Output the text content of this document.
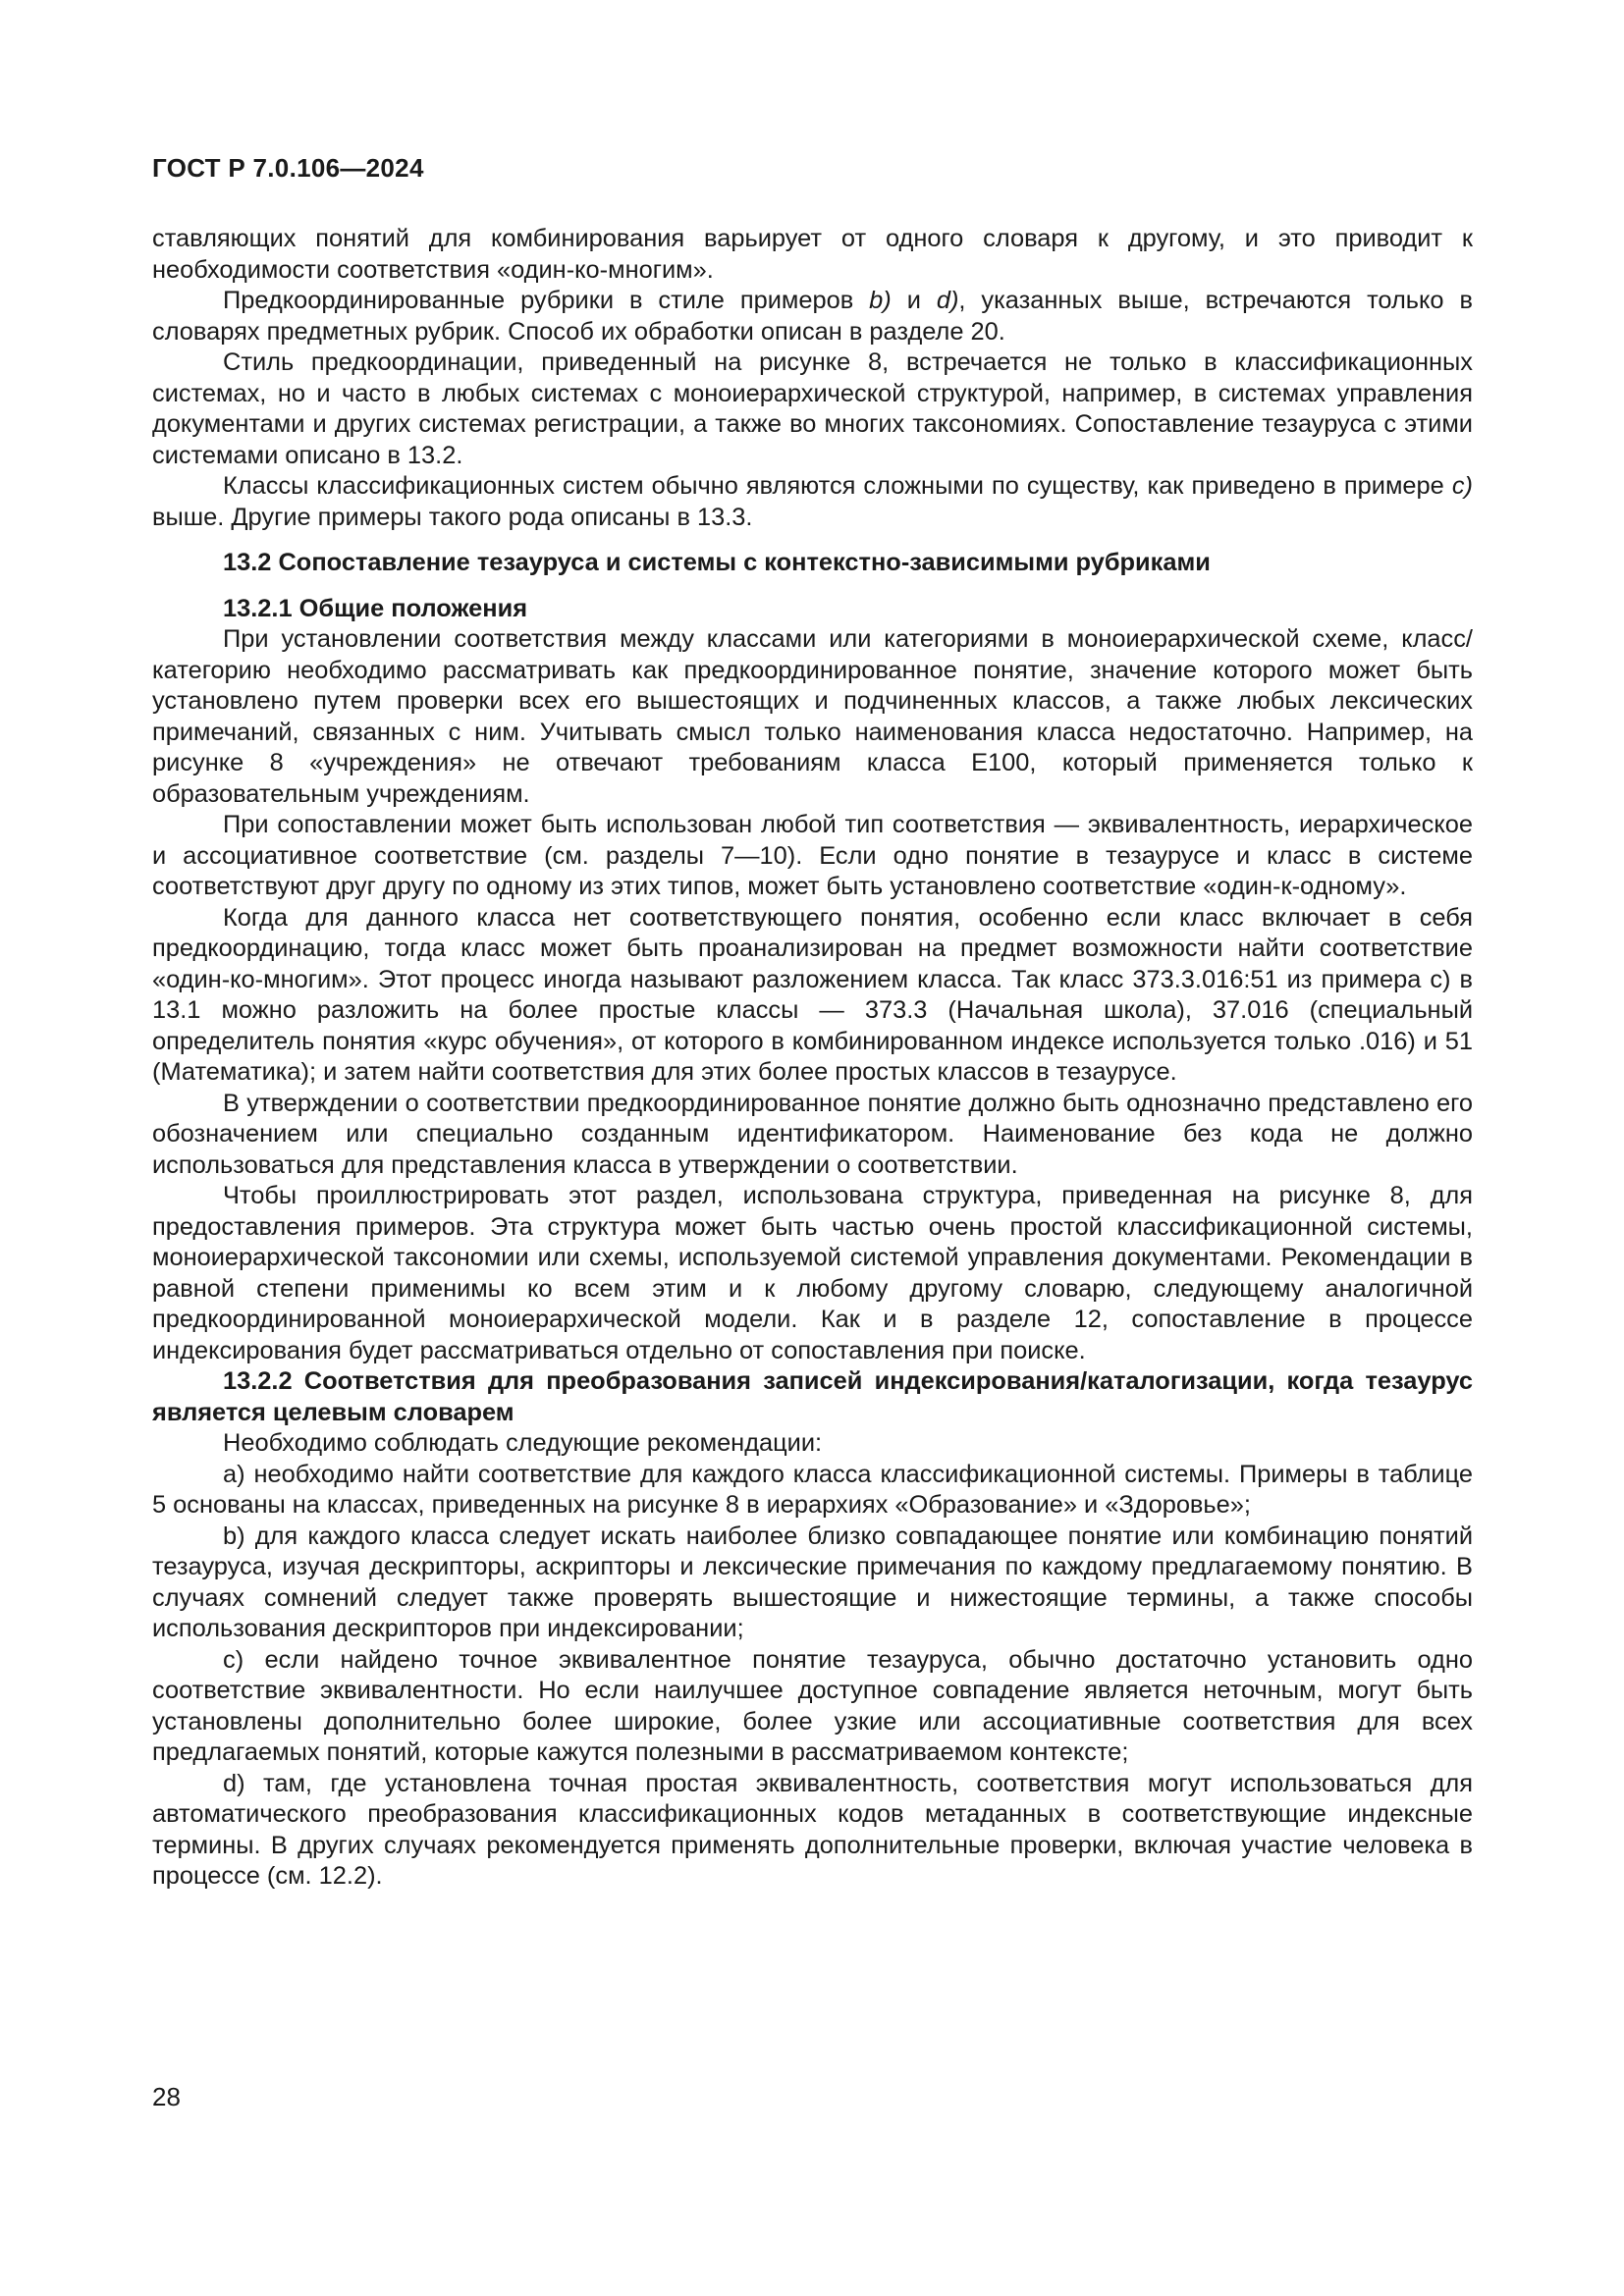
ГОСТ Р 7.0.106—2024

ставляющих понятий для комбинирования варьирует от одного словаря к другому, и это приводит к необходимости соответствия «один-ко-многим».

Предкоординированные рубрики в стиле примеров b) и d), указанных выше, встречаются только в словарях предметных рубрик. Способ их обработки описан в разделе 20.

Стиль предкоординации, приведенный на рисунке 8, встречается не только в классификационных системах, но и часто в любых системах с моноиерархической структурой, например, в системах управления документами и других системах регистрации, а также во многих таксономиях. Сопоставление тезауруса с этими системами описано в 13.2.

Классы классификационных систем обычно являются сложными по существу, как приведено в примере с) выше. Другие примеры такого рода описаны в 13.3.

13.2 Сопоставление тезауруса и системы с контекстно-зависимыми рубриками

13.2.1 Общие положения

При установлении соответствия между классами или категориями в моноиерархической схеме, класс/категорию необходимо рассматривать как предкоординированное понятие, значение которого может быть установлено путем проверки всех его вышестоящих и подчиненных классов, а также любых лексических примечаний, связанных с ним. Учитывать смысл только наименования класса недостаточно. Например, на рисунке 8 «учреждения» не отвечают требованиям класса Е100, который применяется только к образовательным учреждениям.

При сопоставлении может быть использован любой тип соответствия — эквивалентность, иерархическое и ассоциативное соответствие (см. разделы 7—10). Если одно понятие в тезаурусе и класс в системе соответствуют друг другу по одному из этих типов, может быть установлено соответствие «один-к-одному».

Когда для данного класса нет соответствующего понятия, особенно если класс включает в себя предкоординацию, тогда класс может быть проанализирован на предмет возможности найти соответствие «один-ко-многим». Этот процесс иногда называют разложением класса. Так класс 373.3.016:51 из примера с) в 13.1 можно разложить на более простые классы — 373.3 (Начальная школа), 37.016 (специальный определитель понятия «курс обучения», от которого в комбинированном индексе используется только .016) и 51 (Математика); и затем найти соответствия для этих более простых классов в тезаурусе.

В утверждении о соответствии предкоординированное понятие должно быть однозначно представлено его обозначением или специально созданным идентификатором. Наименование без кода не должно использоваться для представления класса в утверждении о соответствии.

Чтобы проиллюстрировать этот раздел, использована структура, приведенная на рисунке 8, для предоставления примеров. Эта структура может быть частью очень простой классификационной системы, моноиерархической таксономии или схемы, используемой системой управления документами. Рекомендации в равной степени применимы ко всем этим и к любому другому словарю, следующему аналогичной предкоординированной моноиерархической модели. Как и в разделе 12, сопоставление в процессе индексирования будет рассматриваться отдельно от сопоставления при поиске.

13.2.2 Соответствия для преобразования записей индексирования/каталогизации, когда тезаурус является целевым словарем

Необходимо соблюдать следующие рекомендации:

а) необходимо найти соответствие для каждого класса классификационной системы. Примеры в таблице 5 основаны на классах, приведенных на рисунке 8 в иерархиях «Образование» и «Здоровье»;

b) для каждого класса следует искать наиболее близко совпадающее понятие или комбинацию понятий тезауруса, изучая дескрипторы, аскрипторы и лексические примечания по каждому предлагаемому понятию. В случаях сомнений следует также проверять вышестоящие и нижестоящие термины, а также способы использования дескрипторов при индексировании;

с) если найдено точное эквивалентное понятие тезауруса, обычно достаточно установить одно соответствие эквивалентности. Но если наилучшее доступное совпадение является неточным, могут быть установлены дополнительно более широкие, более узкие или ассоциативные соответствия для всех предлагаемых понятий, которые кажутся полезными в рассматриваемом контексте;

d) там, где установлена точная простая эквивалентность, соответствия могут использоваться для автоматического преобразования классификационных кодов метаданных в соответствующие индексные термины. В других случаях рекомендуется применять дополнительные проверки, включая участие человека в процессе (см. 12.2).

28
